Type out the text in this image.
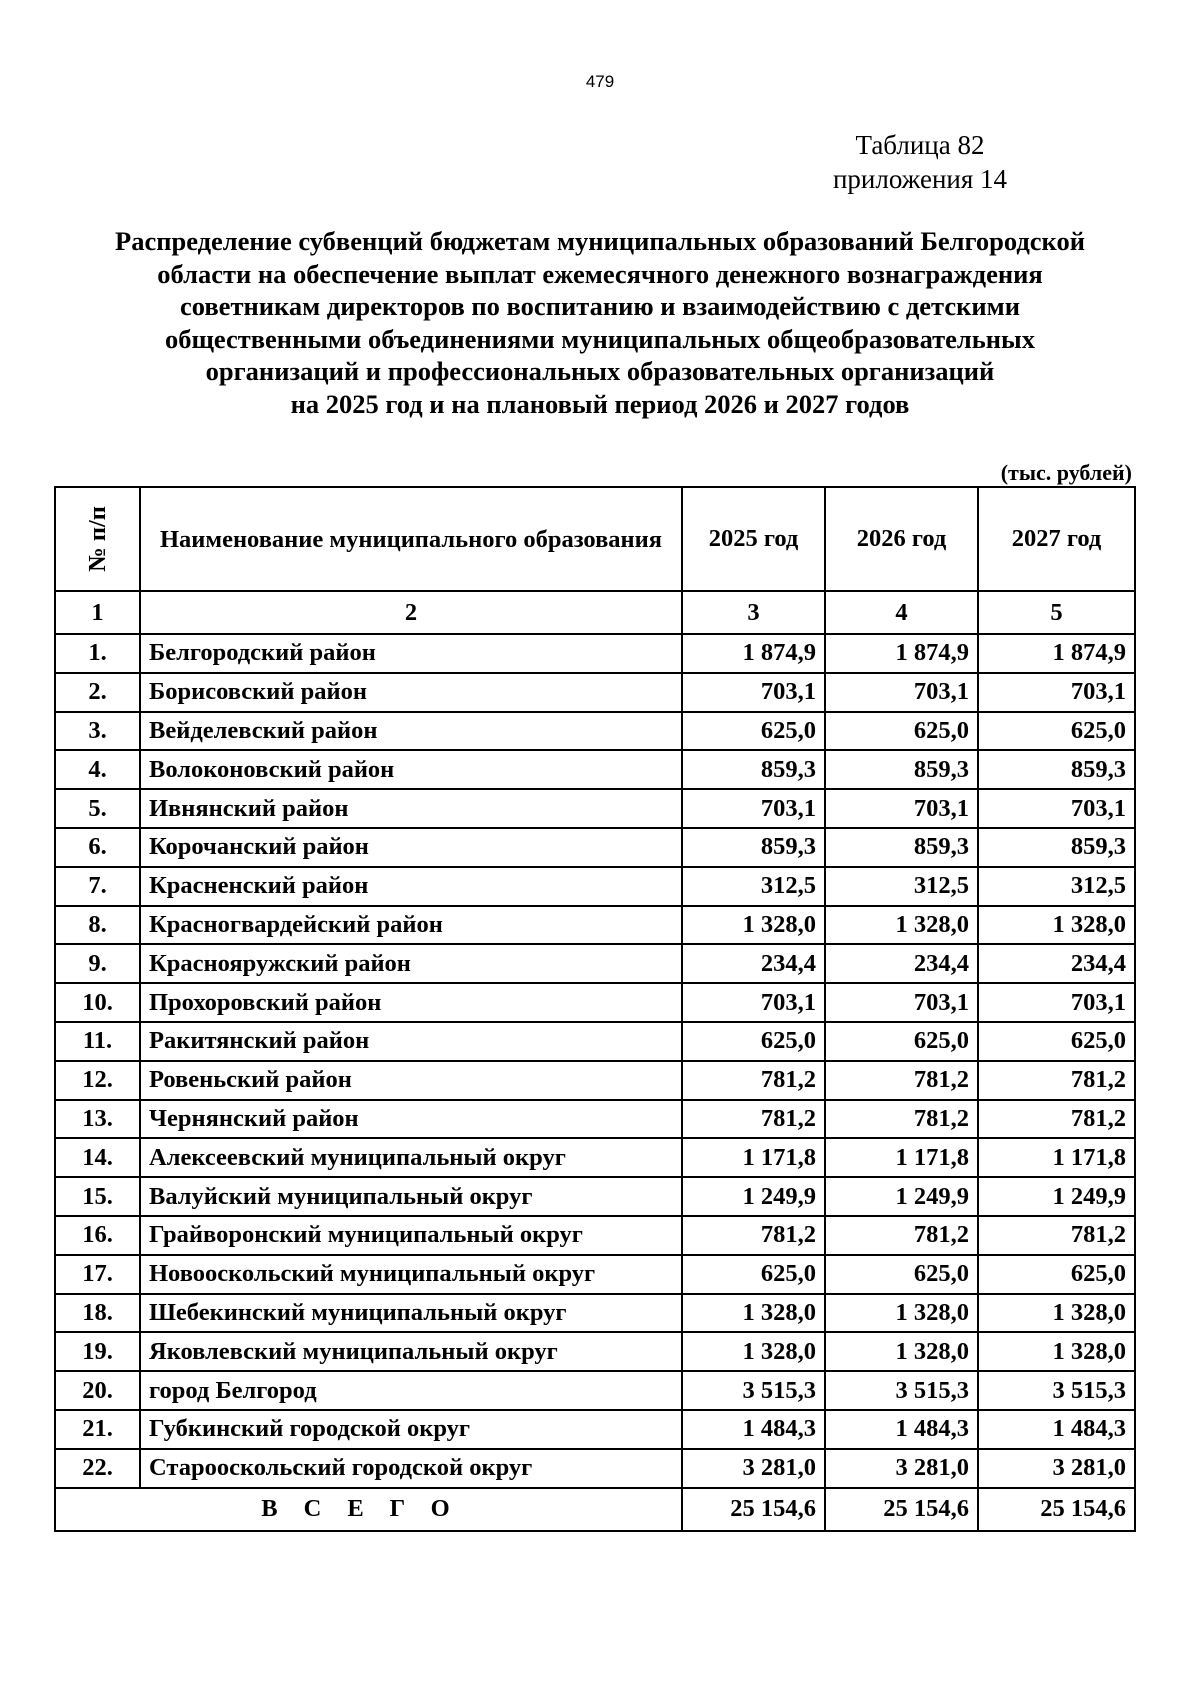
479
Таблица 82
приложения 14
Распределение субвенций бюджетам муниципальных образований Белгородской
области на обеспечение выплат ежемесячного денежного вознаграждения
советникам директоров по воспитанию и взаимодействию с детскими
общественными объединениями муниципальных общеобразовательных
организаций и профессиональных образовательных организаций
на 2025 год и на плановый период 2026 и 2027 годов
(тыс. рублей)
№ п/п	Наименование муниципального образования	2025 год	2026 год	2027 год
1	2	3	4	5
1.	Белгородский район	1 874,9	1 874,9	1 874,9
2.	Борисовский район	703,1	703,1	703,1
3.	Вейделевский район	625,0	625,0	625,0
4.	Волоконовский район	859,3	859,3	859,3
5.	Ивнянский район	703,1	703,1	703,1
6.	Корочанский район	859,3	859,3	859,3
7.	Красненский район	312,5	312,5	312,5
8.	Красногвардейский район	1 328,0	1 328,0	1 328,0
9.	Краснояружский район	234,4	234,4	234,4
10.	Прохоровский район	703,1	703,1	703,1
11.	Ракитянский район	625,0	625,0	625,0
12.	Ровеньский район	781,2	781,2	781,2
13.	Чернянский район	781,2	781,2	781,2
14.	Алексеевский муниципальный округ	1 171,8	1 171,8	1 171,8
15.	Валуйский муниципальный округ	1 249,9	1 249,9	1 249,9
16.	Грайворонский муниципальный округ	781,2	781,2	781,2
17.	Новооскольский муниципальный округ	625,0	625,0	625,0
18.	Шебекинский муниципальный округ	1 328,0	1 328,0	1 328,0
19.	Яковлевский муниципальный округ	1 328,0	1 328,0	1 328,0
20.	город Белгород	3 515,3	3 515,3	3 515,3
21.	Губкинский городской округ	1 484,3	1 484,3	1 484,3
22.	Старооскольский городской округ	3 281,0	3 281,0	3 281,0
ВСЕГО		25 154,6	25 154,6	25 154,6
